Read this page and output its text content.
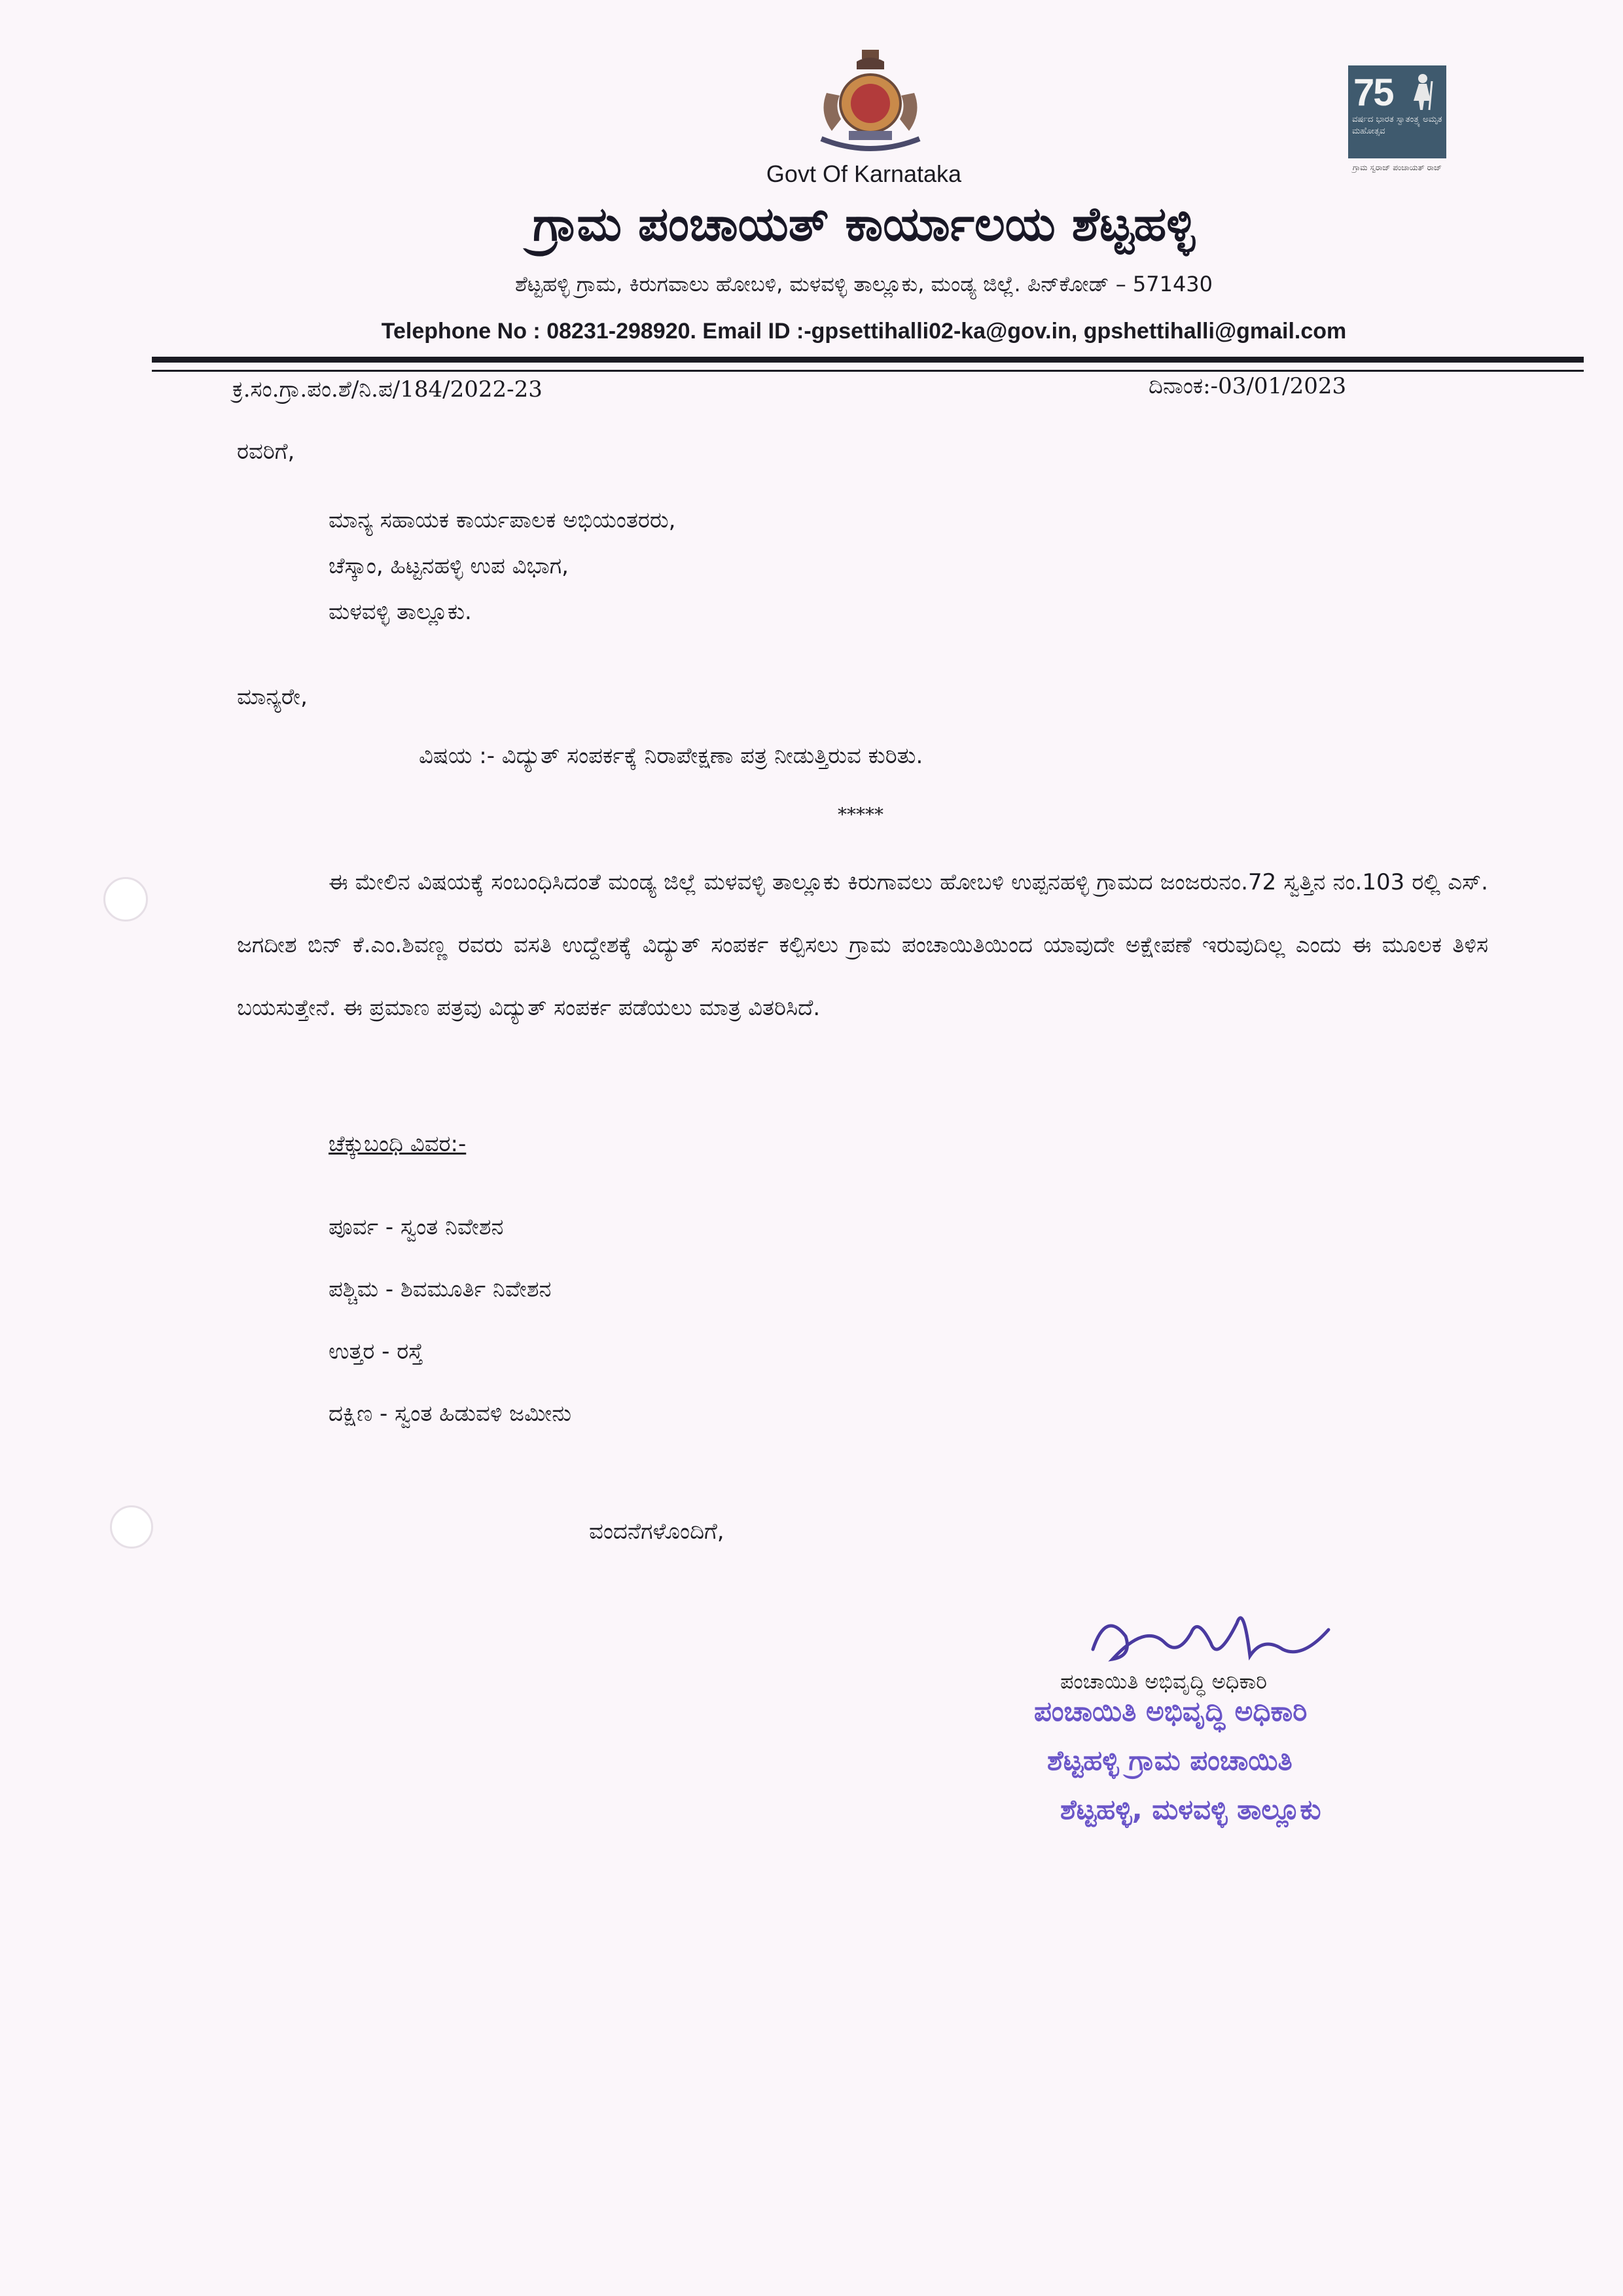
75
ವರ್ಷದ ಭಾರತ ಸ್ವಾತಂತ್ರ್ಯ ಅಮೃತ ಮಹೋತ್ಸವ
ಗ್ರಾಮ ಸ್ವರಾಜ್ ಪಂಚಾಯತ್ ರಾಜ್
Govt Of Karnataka
ಗ್ರಾಮ ಪಂಚಾಯತ್ ಕಾರ್ಯಾಲಯ ಶೆಟ್ಟಹಳ್ಳಿ
ಶೆಟ್ಟಹಳ್ಳಿ ಗ್ರಾಮ, ಕಿರುಗವಾಲು ಹೋಬಳಿ, ಮಳವಳ್ಳಿ ತಾಲ್ಲೂಕು, ಮಂಡ್ಯ ಜಿಲ್ಲೆ. ಪಿನ್‌ಕೋಡ್ – 571430
Telephone No : 08231-298920. Email ID :-gpsettihalli02-ka@gov.in, gpshettihalli@gmail.com
ಕ್ರ.ಸಂ.ಗ್ರಾ.ಪಂ.ಶೆ/ನಿ.ಪ/184/2022-23	ದಿನಾಂಕ:-03/01/2023
ರವರಿಗೆ,
ಮಾನ್ಯ ಸಹಾಯಕ ಕಾರ್ಯಪಾಲಕ ಅಭಿಯಂತರರು,
ಚೆಸ್ಕಾಂ, ಹಿಟ್ಟನಹಳ್ಳಿ ಉಪ ವಿಭಾಗ,
ಮಳವಳ್ಳಿ ತಾಲ್ಲೂಕು.
ಮಾನ್ಯರೇ,
ವಿಷಯ :- ವಿದ್ಯುತ್ ಸಂಪರ್ಕಕ್ಕೆ ನಿರಾಪೇಕ್ಷಣಾ ಪತ್ರ ನೀಡುತ್ತಿರುವ ಕುರಿತು.
*****
ಈ ಮೇಲಿನ ವಿಷಯಕ್ಕೆ ಸಂಬಂಧಿಸಿದಂತೆ ಮಂಡ್ಯ ಜಿಲ್ಲೆ ಮಳವಳ್ಳಿ ತಾಲ್ಲೂಕು ಕಿರುಗಾವಲು ಹೋಬಳಿ ಉಪ್ಪನಹಳ್ಳಿ ಗ್ರಾಮದ ಜಂಜರುನಂ.72 ಸ್ವತ್ತಿನ ನಂ.103 ರಲ್ಲಿ ಎಸ್. ಜಗದೀಶ ಬಿನ್ ಕೆ.ಎಂ.ಶಿವಣ್ಣ ರವರು ವಸತಿ ಉದ್ದೇಶಕ್ಕೆ ವಿದ್ಯುತ್ ಸಂಪರ್ಕ ಕಲ್ಪಿಸಲು ಗ್ರಾಮ ಪಂಚಾಯಿತಿಯಿಂದ ಯಾವುದೇ ಅಕ್ಷೇಪಣೆ ಇರುವುದಿಲ್ಲ ಎಂದು ಈ ಮೂಲಕ ತಿಳಿಸ ಬಯಸುತ್ತೇನೆ. ಈ ಪ್ರಮಾಣ ಪತ್ರವು ವಿದ್ಯುತ್ ಸಂಪರ್ಕ ಪಡೆಯಲು ಮಾತ್ರ ವಿತರಿಸಿದೆ.
ಚೆಕ್ಕುಬಂಧಿ ವಿವರ:-
ಪೂರ್ವ - ಸ್ವಂತ ನಿವೇಶನ
ಪಶ್ಚಿಮ - ಶಿವಮೂರ್ತಿ ನಿವೇಶನ
ಉತ್ತರ - ರಸ್ತೆ
ದಕ್ಷಿಣ - ಸ್ವಂತ ಹಿಡುವಳಿ ಜಮೀನು
ವಂದನೆಗಳೊಂದಿಗೆ,
ಪಂಚಾಯಿತಿ ಅಭಿವೃದ್ಧಿ ಅಧಿಕಾರಿ
ಪಂಚಾಯಿತಿ ಅಭಿವೃದ್ಧಿ ಅಧಿಕಾರಿ
ಶೆಟ್ಟಹಳ್ಳಿ ಗ್ರಾಮ ಪಂಚಾಯಿತಿ
ಶೆಟ್ಟಹಳ್ಳಿ, ಮಳವಳ್ಳಿ ತಾಲ್ಲೂಕು
